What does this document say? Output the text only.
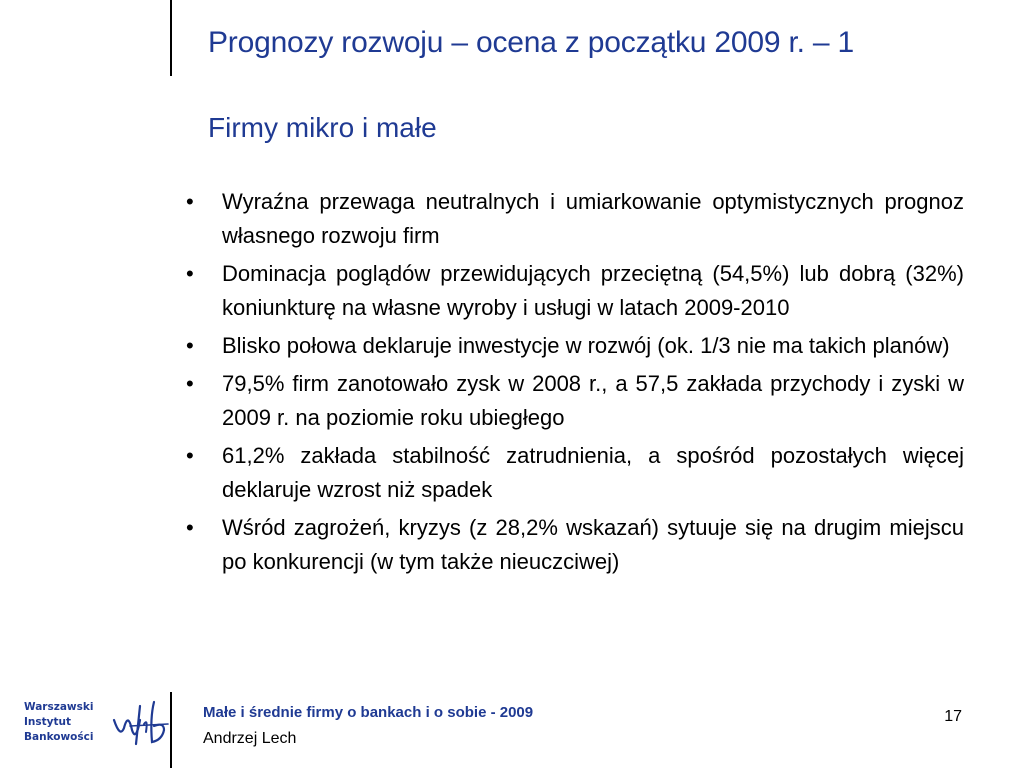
Prognozy rozwoju – ocena z początku 2009 r. – 1
Firmy mikro i małe
• Wyraźna przewaga neutralnych i umiarkowanie optymistycznych prognoz własnego rozwoju firm
• Dominacja poglądów przewidujących przeciętną (54,5%) lub dobrą (32%) koniunkturę na własne wyroby i usługi w latach 2009-2010
• Blisko połowa deklaruje inwestycje w rozwój (ok. 1/3 nie ma takich planów)
• 79,5% firm zanotowało zysk w 2008 r., a 57,5 zakłada przychody i zyski w 2009 r. na poziomie roku ubiegłego
• 61,2% zakłada stabilność zatrudnienia, a spośród pozostałych więcej deklaruje wzrost niż spadek
• Wśród zagrożeń, kryzys (z 28,2% wskazań) sytuuje się na drugim miejscu po konkurencji (w tym także nieuczciwej)
Warszawski
Instytut
Bankowości
Małe i średnie firmy o bankach i o sobie - 2009
Andrzej Lech
17
